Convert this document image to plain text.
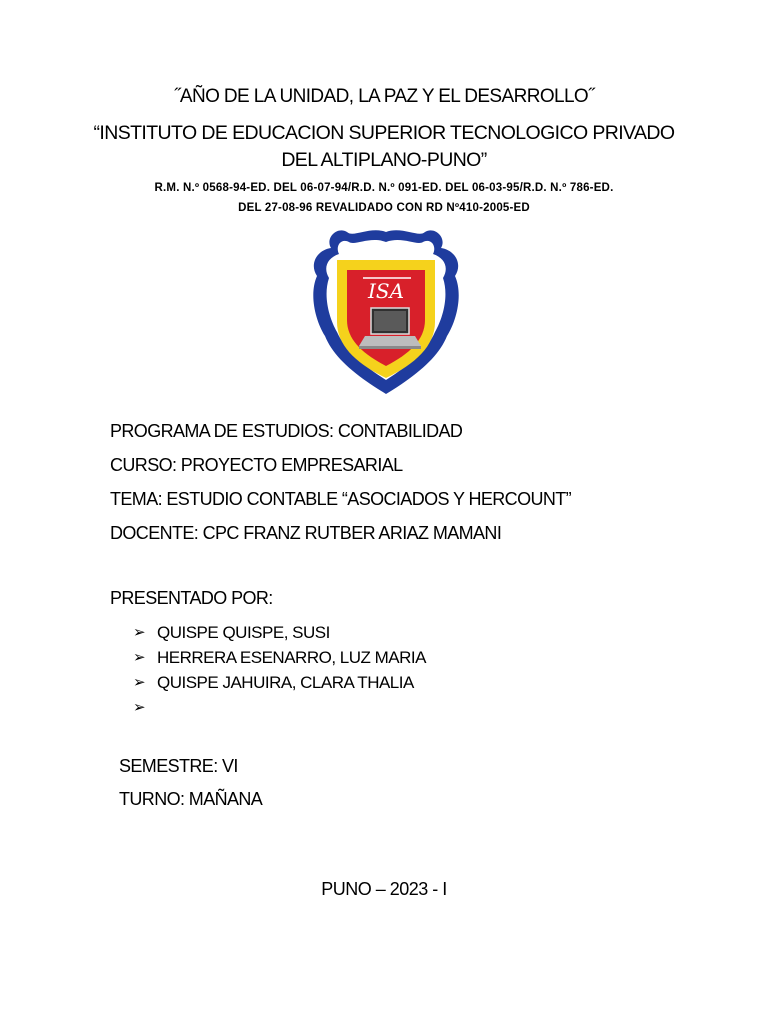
˝AÑO DE LA UNIDAD, LA PAZ Y EL DESARROLLO˝
“INSTITUTO DE EDUCACION SUPERIOR TECNOLOGICO PRIVADO
DEL ALTIPLANO-PUNO”
R.M. N.º 0568-94-ED. DEL 06-07-94/R.D. N.º 091-ED. DEL 06-03-95/R.D. N.º 786-ED.
DEL 27-08-96 REVALIDADO CON RD Nº410-2005-ED
ISA
PROGRAMA DE ESTUDIOS: CONTABILIDAD
CURSO: PROYECTO EMPRESARIAL
TEMA: ESTUDIO CONTABLE “ASOCIADOS Y HERCOUNT”
DOCENTE: CPC FRANZ RUTBER ARIAZ MAMANI
PRESENTADO POR:
➢ QUISPE QUISPE, SUSI
➢ HERRERA ESENARRO, LUZ MARIA
➢ QUISPE JAHUIRA, CLARA THALIA
➢
SEMESTRE: VI
TURNO: MAÑANA
PUNO – 2023 - I
